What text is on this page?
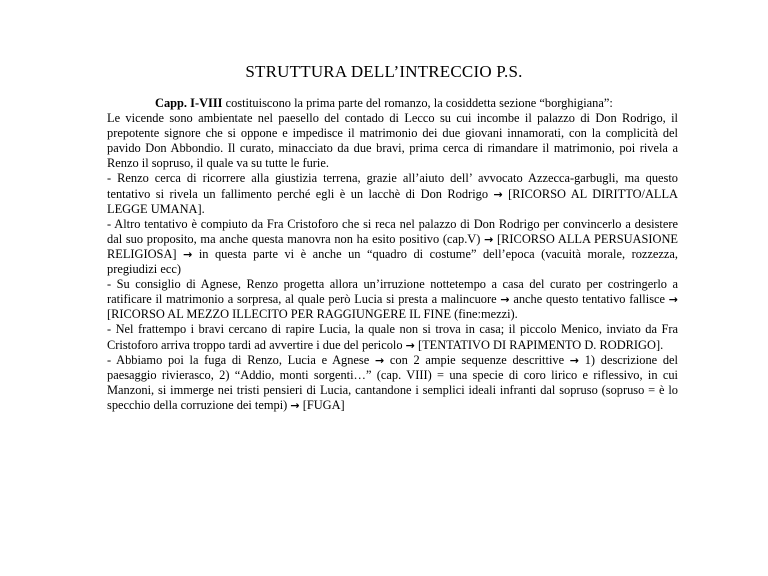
STRUTTURA DELL’INTRECCIO P.S.

Capp. I-VIII costituiscono la prima parte del romanzo, la cosiddetta sezione “borghigiana”:

Le vicende sono ambientate nel paesello del contado di Lecco su cui incombe il palazzo di Don Rodrigo, il prepotente signore che si oppone e impedisce il matrimonio dei due giovani innamorati, con la complicità del pavido Don Abbondio. Il curato, minacciato da due bravi, prima cerca di rimandare il matrimonio, poi rivela a Renzo il sopruso, il quale va su tutte le furie.

- Renzo cerca di ricorrere alla giustizia terrena, grazie all’aiuto dell’ avvocato Azzecca-garbugli, ma questo tentativo si rivela un fallimento perché egli è un lacchè di Don Rodrigo → [RICORSO AL DIRITTO/ALLA LEGGE UMANA].

- Altro tentativo è compiuto da Fra Cristoforo che si reca nel palazzo di Don Rodrigo per convincerlo a desistere dal suo proposito, ma anche questa manovra non ha esito positivo (cap.V) → [RICORSO ALLA PERSUASIONE RELIGIOSA] → in questa parte vi è anche un “quadro di costume” dell’epoca (vacuità morale, rozzezza, pregiudizi ecc)

- Su consiglio di Agnese, Renzo progetta allora un’irruzione nottetempo a casa del curato per costringerlo a ratificare il matrimonio a sorpresa, al quale però Lucia si presta a malincuore → anche questo tentativo fallisce → [RICORSO AL MEZZO ILLECITO PER RAGGIUNGERE IL FINE (fine:mezzi).

- Nel frattempo i bravi cercano di rapire Lucia, la quale non si trova in casa; il piccolo Menico, inviato da Fra Cristoforo arriva troppo tardi ad avvertire i due del pericolo → [TENTATIVO DI RAPIMENTO D. RODRIGO].

- Abbiamo poi la fuga di Renzo, Lucia e Agnese → con 2 ampie sequenze descrittive → 1) descrizione del paesaggio rivierasco, 2) “Addio, monti sorgenti…” (cap. VIII) = una specie di coro lirico e riflessivo, in cui Manzoni, si immerge nei tristi pensieri di Lucia, cantandone i semplici ideali infranti dal sopruso (sopruso = è lo specchio della corruzione dei tempi) → [FUGA]
